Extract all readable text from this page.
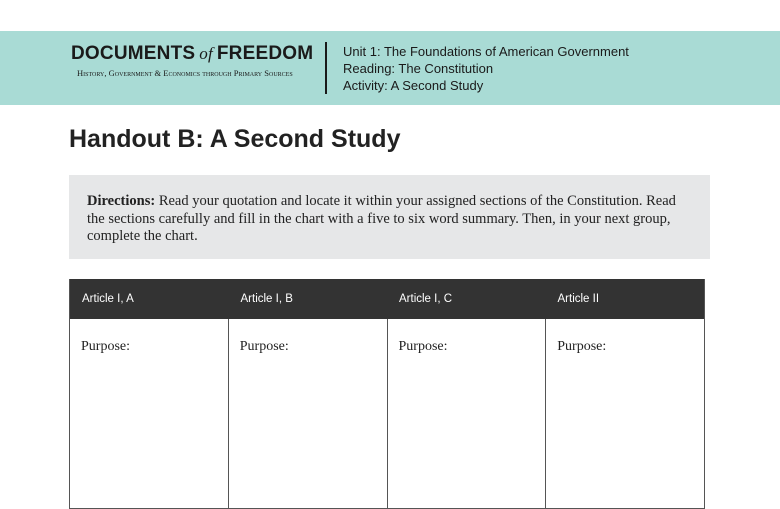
DOCUMENTS of FREEDOM
History, Government & Economics through Primary Sources
Unit 1: The Foundations of American Government
Reading: The Constitution
Activity: A Second Study
Handout B: A Second Study
Directions: Read your quotation and locate it within your assigned sections of the Constitution. Read the sections carefully and fill in the chart with a five to six word summary. Then, in your next group, complete the chart.
Article I, A	Article I, B	Article I, C	Article II
Purpose:	Purpose:	Purpose:	Purpose:
